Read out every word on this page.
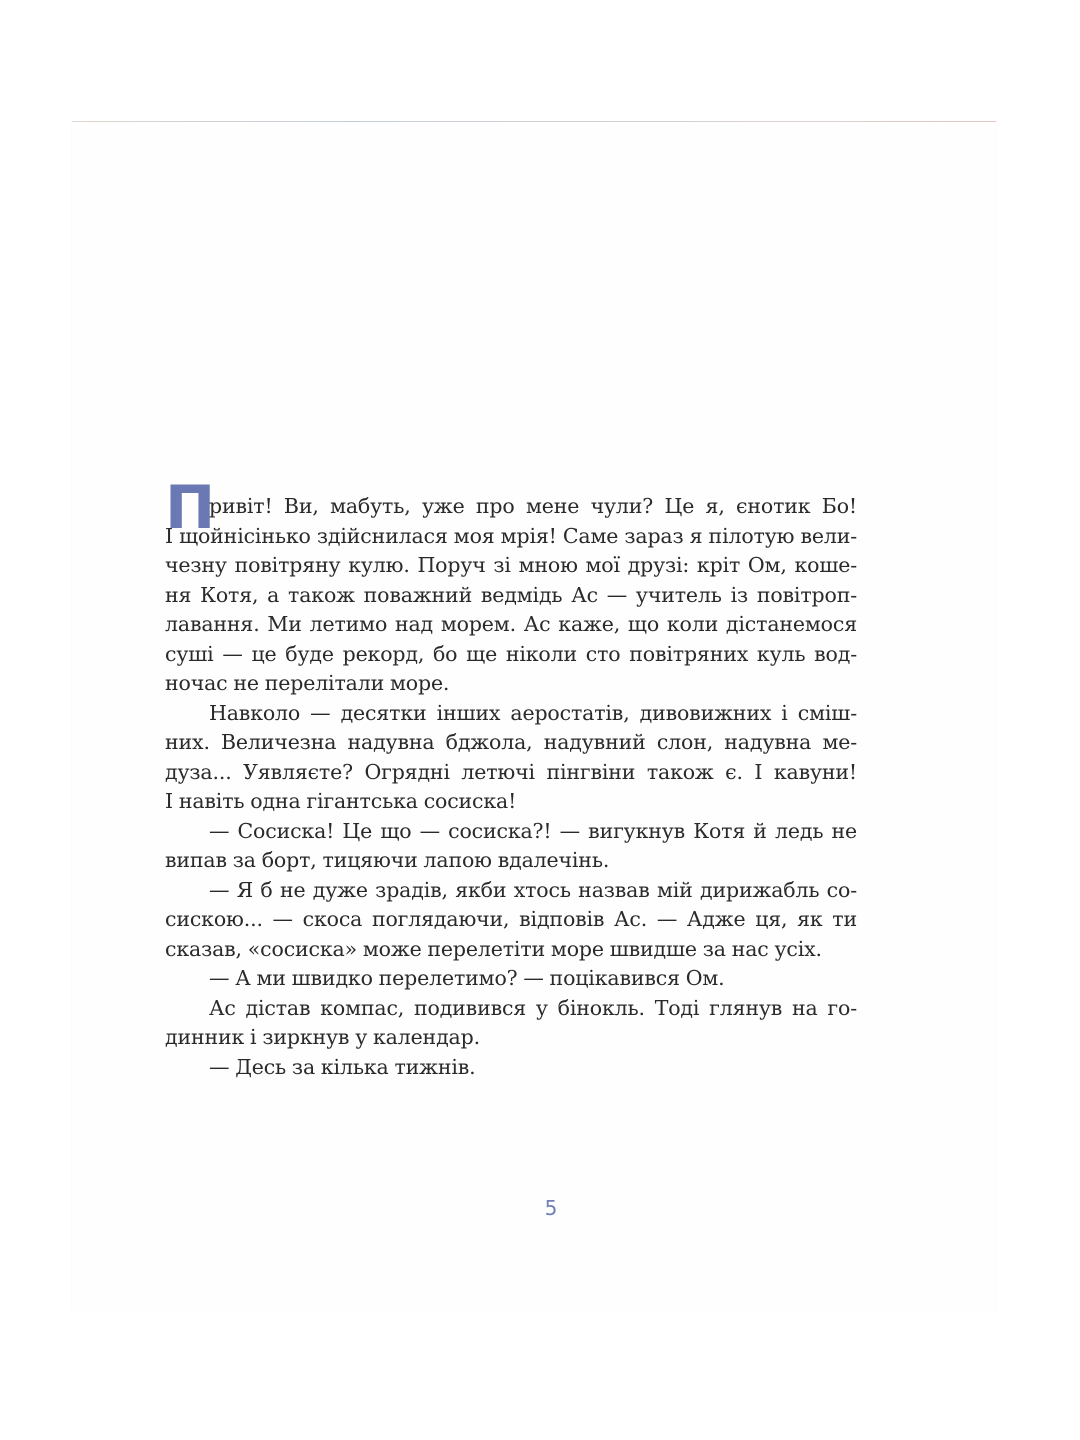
П

ривіт! Ви, мабуть, уже про мене чули? Це я, єнотик Бо!

І щойнісінько здійснилася моя мрія! Саме зараз я пілотую вели-

чезну повітряну кулю. Поруч зі мною мої друзі: кріт Ом, коше-

ня Котя, а також поважний ведмідь Ас — учитель із повітроп-

лавання. Ми летимо над морем. Ас каже, що коли дістанемося

суші — це буде рекорд, бо ще ніколи сто повітряних куль вод-

ночас не перелітали море.

Навколо — десятки інших аеростатів, дивовижних і сміш-

них. Величезна надувна бджола, надувний слон, надувна ме-

дуза... Уявляєте? Огрядні летючі пінгвіни також є. І кавуни!

І навіть одна гігантська сосиска!

— Сосиска! Це що — сосиска?! — вигукнув Котя й ледь не

випав за борт, тицяючи лапою вдалечінь.

— Я б не дуже зрадів, якби хтось назвав мій дирижабль со-

сискою... — скоса поглядаючи, відповів Ас. — Адже ця, як ти

сказав, «сосиска» може перелетіти море швидше за нас усіх.

— А ми швидко перелетимо? — поцікавився Ом.

Ас дістав компас, подивився у бінокль. Тоді глянув на го-

динник і зиркнув у календар.

— Десь за кілька тижнів.

5
